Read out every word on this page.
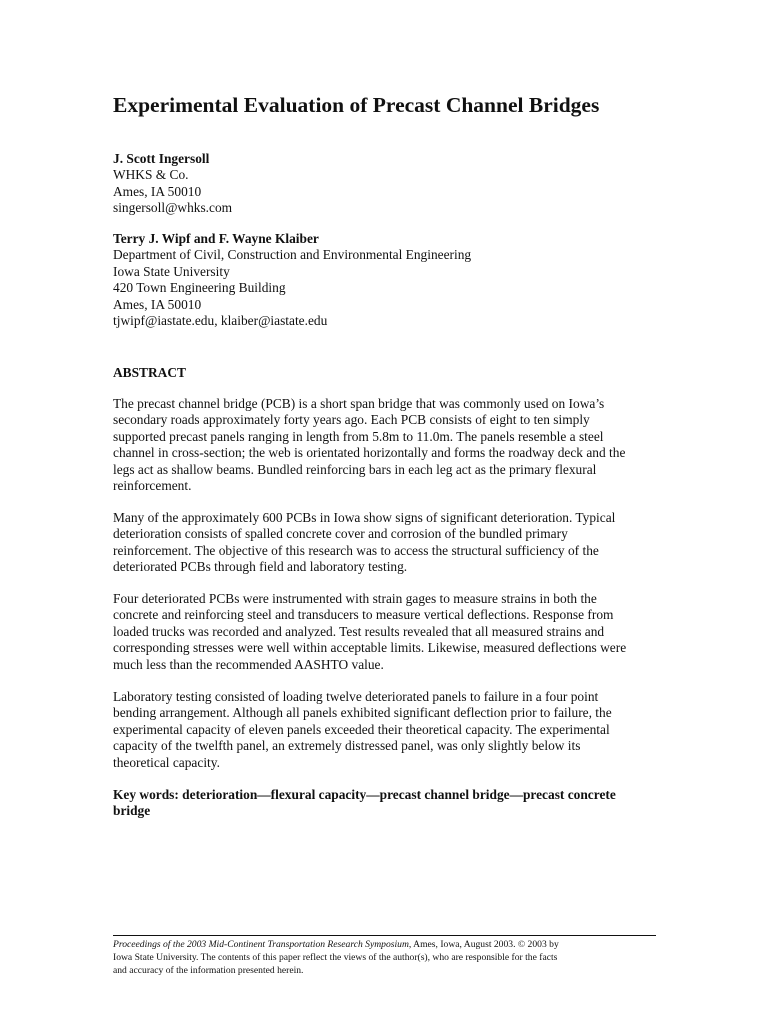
Experimental Evaluation of Precast Channel Bridges
J. Scott Ingersoll
WHKS & Co.
Ames, IA 50010
singersoll@whks.com
Terry J. Wipf and F. Wayne Klaiber
Department of Civil, Construction and Environmental Engineering
Iowa State University
420 Town Engineering Building
Ames, IA 50010
tjwipf@iastate.edu, klaiber@iastate.edu
ABSTRACT

The precast channel bridge (PCB) is a short span bridge that was commonly used on Iowa’s
secondary roads approximately forty years ago. Each PCB consists of eight to ten simply
supported precast panels ranging in length from 5.8m to 11.0m. The panels resemble a steel
channel in cross-section; the web is orientated horizontally and forms the roadway deck and the
legs act as shallow beams. Bundled reinforcing bars in each leg act as the primary flexural
reinforcement.

Many of the approximately 600 PCBs in Iowa show signs of significant deterioration. Typical
deterioration consists of spalled concrete cover and corrosion of the bundled primary
reinforcement. The objective of this research was to access the structural sufficiency of the
deteriorated PCBs through field and laboratory testing.

Four deteriorated PCBs were instrumented with strain gages to measure strains in both the
concrete and reinforcing steel and transducers to measure vertical deflections. Response from
loaded trucks was recorded and analyzed. Test results revealed that all measured strains and
corresponding stresses were well within acceptable limits. Likewise, measured deflections were
much less than the recommended AASHTO value.

Laboratory testing consisted of loading twelve deteriorated panels to failure in a four point
bending arrangement. Although all panels exhibited significant deflection prior to failure, the
experimental capacity of eleven panels exceeded their theoretical capacity. The experimental
capacity of the twelfth panel, an extremely distressed panel, was only slightly below its
theoretical capacity.

Key words: deterioration—flexural capacity—precast channel bridge—precast concrete
bridge

Proceedings of the 2003 Mid-Continent Transportation Research Symposium, Ames, Iowa, August 2003. © 2003 by
Iowa State University. The contents of this paper reflect the views of the author(s), who are responsible for the facts
and accuracy of the information presented herein.
